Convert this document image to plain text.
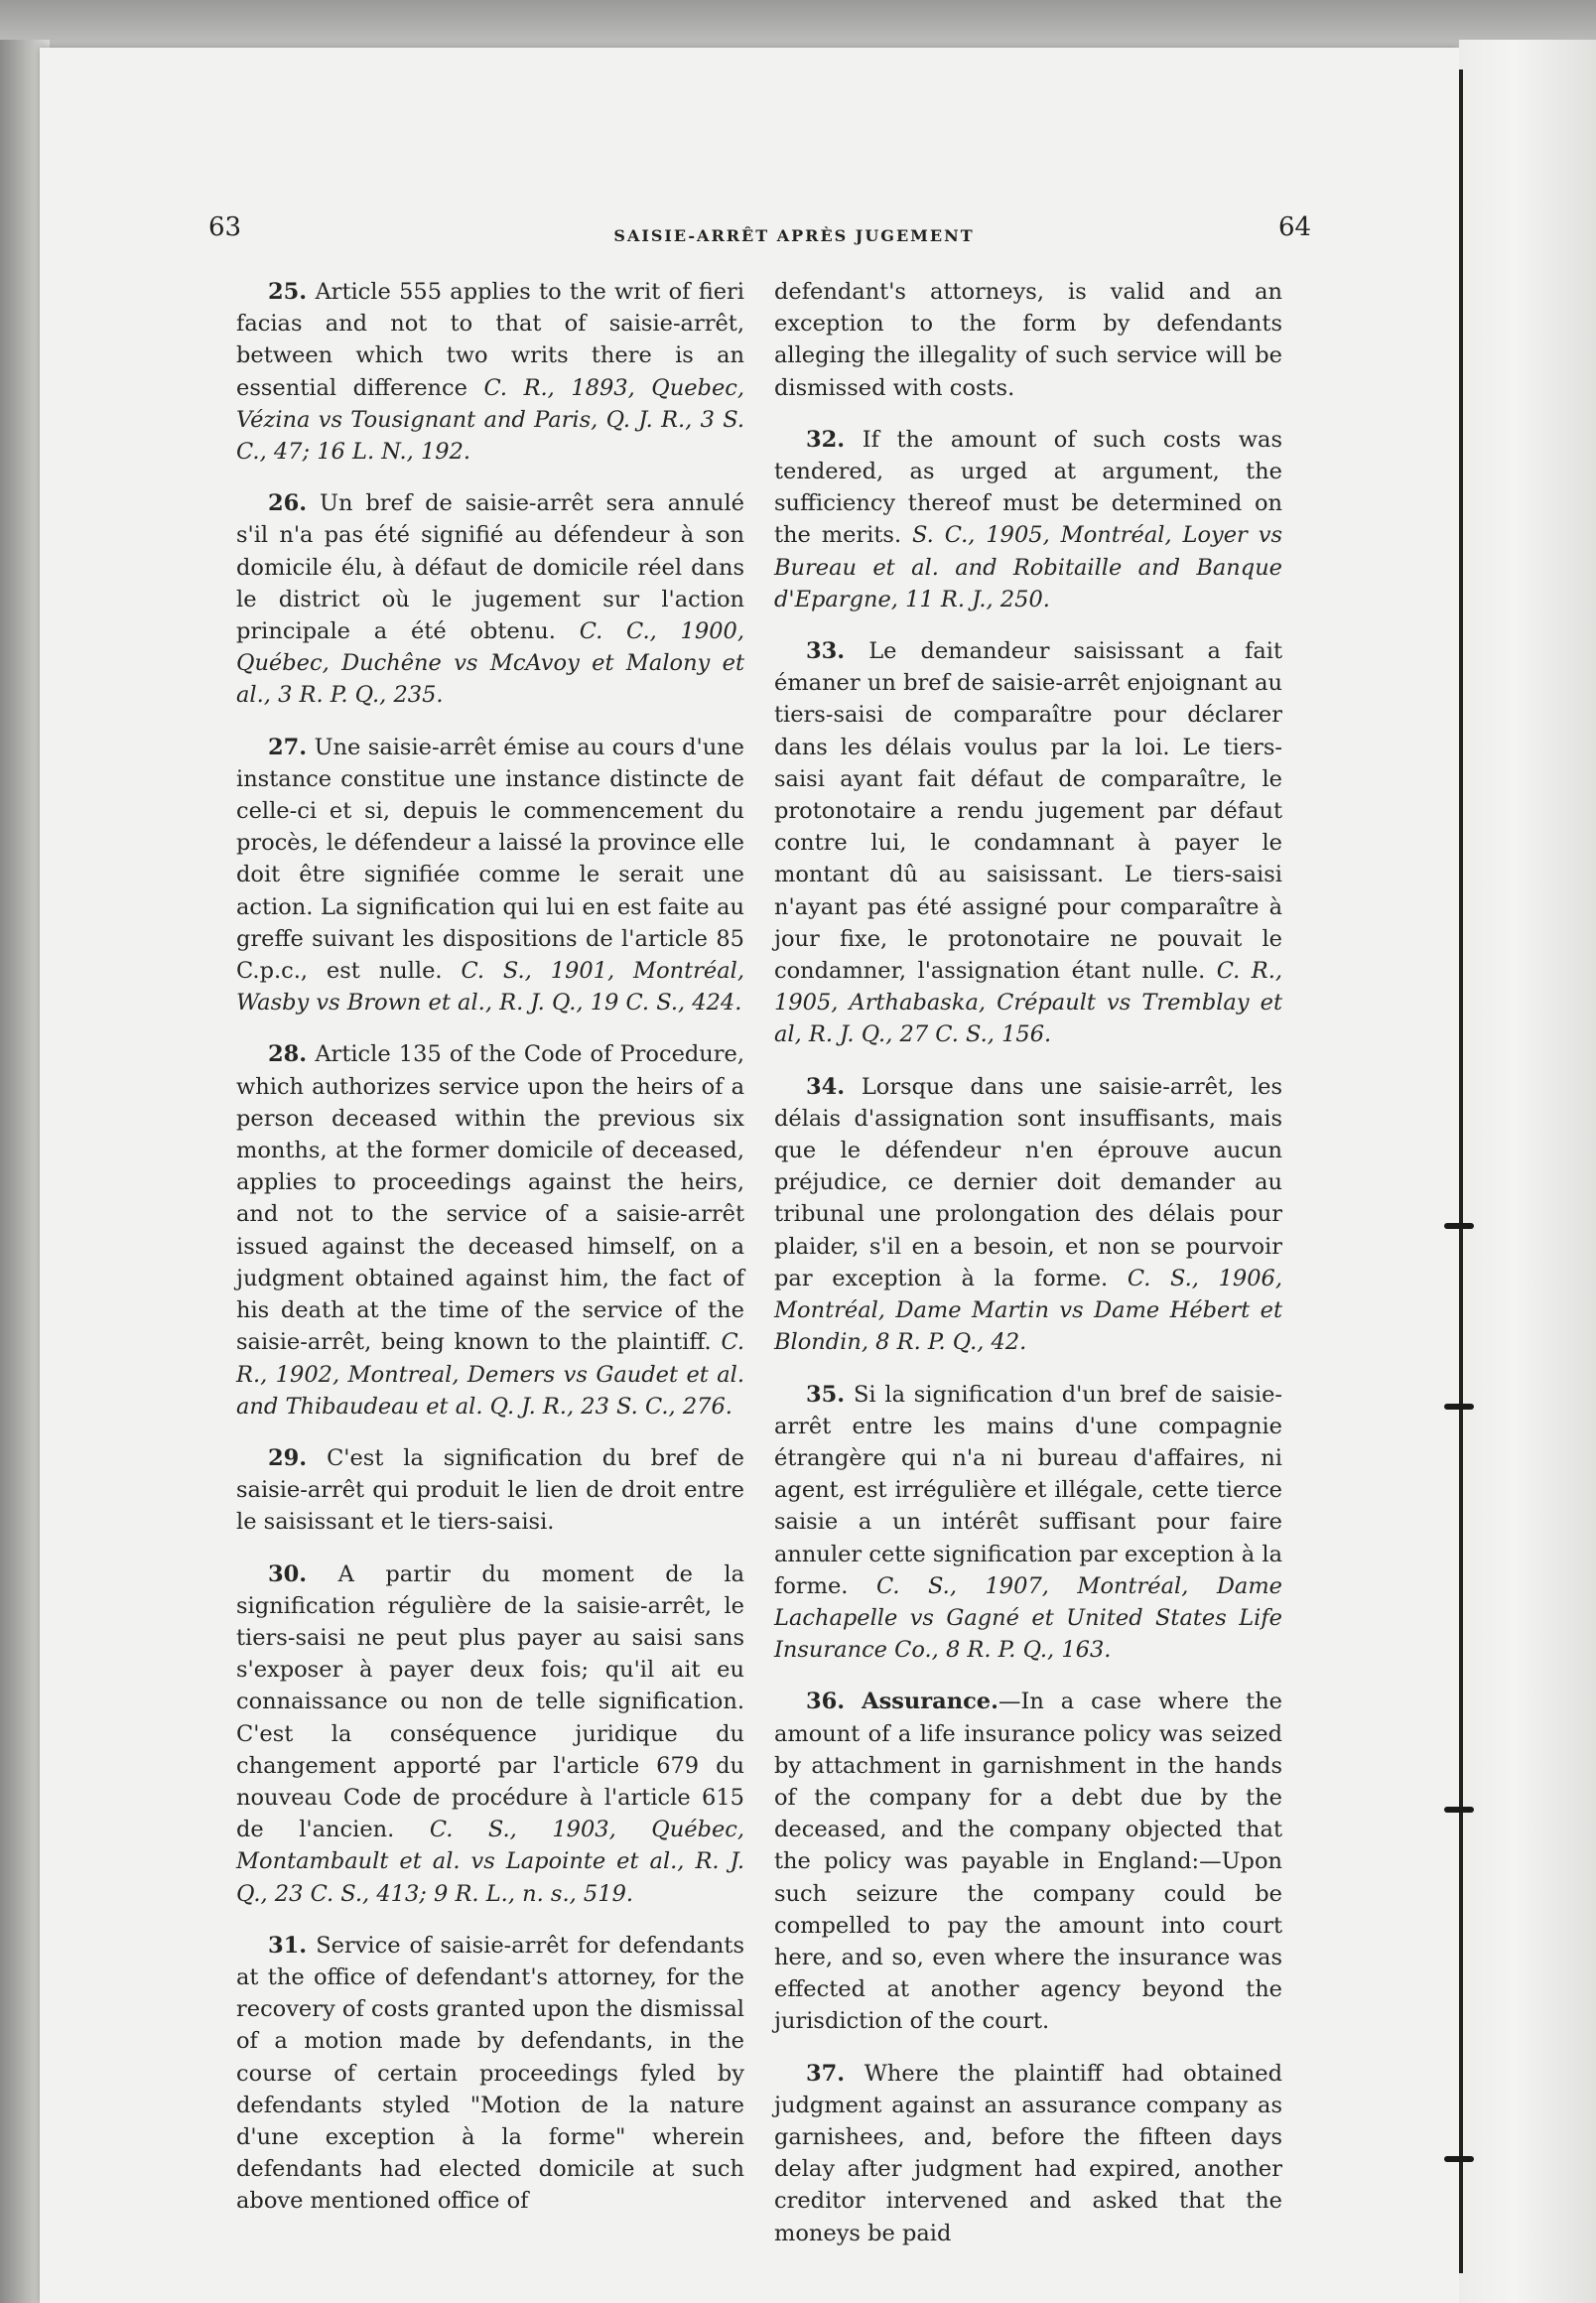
63	SAISIE-ARRÊT APRÈS JUGEMENT	64

25. Article 555 applies to the writ of fieri facias and not to that of saisie-arrêt, between which two writs there is an essential difference C. R., 1893, Quebec, Vézina vs Tousignant and Paris, Q. J. R., 3 S. C., 47; 16 L. N., 192.

26. Un bref de saisie-arrêt sera annulé s'il n'a pas été signifié au défendeur à son domicile élu, à défaut de domicile réel dans le district où le jugement sur l'action principale a été obtenu. C. C., 1900, Québec, Duchêne vs McAvoy et Malony et al., 3 R. P. Q., 235.

27. Une saisie-arrêt émise au cours d'une instance constitue une instance distincte de celle-ci et si, depuis le commencement du procès, le défendeur a laissé la province elle doit être signifiée comme le serait une action. La signification qui lui en est faite au greffe suivant les dispositions de l'article 85 C.p.c., est nulle. C. S., 1901, Montréal, Wasby vs Brown et al., R. J. Q., 19 C. S., 424.

28. Article 135 of the Code of Procedure, which authorizes service upon the heirs of a person deceased within the previous six months, at the former domicile of deceased, applies to proceedings against the heirs, and not to the service of a saisie-arrêt issued against the deceased himself, on a judgment obtained against him, the fact of his death at the time of the service of the saisie-arrêt, being known to the plaintiff. C. R., 1902, Montreal, Demers vs Gaudet et al. and Thibaudeau et al. Q. J. R., 23 S. C., 276.

29. C'est la signification du bref de saisie-arrêt qui produit le lien de droit entre le saisissant et le tiers-saisi.

30. A partir du moment de la signification régulière de la saisie-arrêt, le tiers-saisi ne peut plus payer au saisi sans s'exposer à payer deux fois; qu'il ait eu connaissance ou non de telle signification. C'est la conséquence juridique du changement apporté par l'article 679 du nouveau Code de procédure à l'article 615 de l'ancien. C. S., 1903, Québec, Montambault et al. vs Lapointe et al., R. J. Q., 23 C. S., 413; 9 R. L., n. s., 519.

31. Service of saisie-arrêt for defendants at the office of defendant's attorney, for the recovery of costs granted upon the dismissal of a motion made by defendants, in the course of certain proceedings fyled by defendants styled "Motion de la nature d'une exception à la forme" wherein defendants had elected domicile at such above mentioned office of

defendant's attorneys, is valid and an exception to the form by defendants alleging the illegality of such service will be dismissed with costs.

32. If the amount of such costs was tendered, as urged at argument, the sufficiency thereof must be determined on the merits. S. C., 1905, Montréal, Loyer vs Bureau et al. and Robitaille and Banque d'Epargne, 11 R. J., 250.

33. Le demandeur saisissant a fait émaner un bref de saisie-arrêt enjoignant au tiers-saisi de comparaître pour déclarer dans les délais voulus par la loi. Le tiers-saisi ayant fait défaut de comparaître, le protonotaire a rendu jugement par défaut contre lui, le condamnant à payer le montant dû au saisissant. Le tiers-saisi n'ayant pas été assigné pour comparaître à jour fixe, le protonotaire ne pouvait le condamner, l'assignation étant nulle. C. R., 1905, Arthabaska, Crépault vs Tremblay et al, R. J. Q., 27 C. S., 156.

34. Lorsque dans une saisie-arrêt, les délais d'assignation sont insuffisants, mais que le défendeur n'en éprouve aucun préjudice, ce dernier doit demander au tribunal une prolongation des délais pour plaider, s'il en a besoin, et non se pourvoir par exception à la forme. C. S., 1906, Montréal, Dame Martin vs Dame Hébert et Blondin, 8 R. P. Q., 42.

35. Si la signification d'un bref de saisie-arrêt entre les mains d'une compagnie étrangère qui n'a ni bureau d'affaires, ni agent, est irrégulière et illégale, cette tierce saisie a un intérêt suffisant pour faire annuler cette signification par exception à la forme. C. S., 1907, Montréal, Dame Lachapelle vs Gagné et United States Life Insurance Co., 8 R. P. Q., 163.

36. Assurance.—In a case where the amount of a life insurance policy was seized by attachment in garnishment in the hands of the company for a debt due by the deceased, and the company objected that the policy was payable in England:—Upon such seizure the company could be compelled to pay the amount into court here, and so, even where the insurance was effected at another agency beyond the jurisdiction of the court.

37. Where the plaintiff had obtained judgment against an assurance company as garnishees, and, before the fifteen days delay after judgment had expired, another creditor intervened and asked that the moneys be paid
